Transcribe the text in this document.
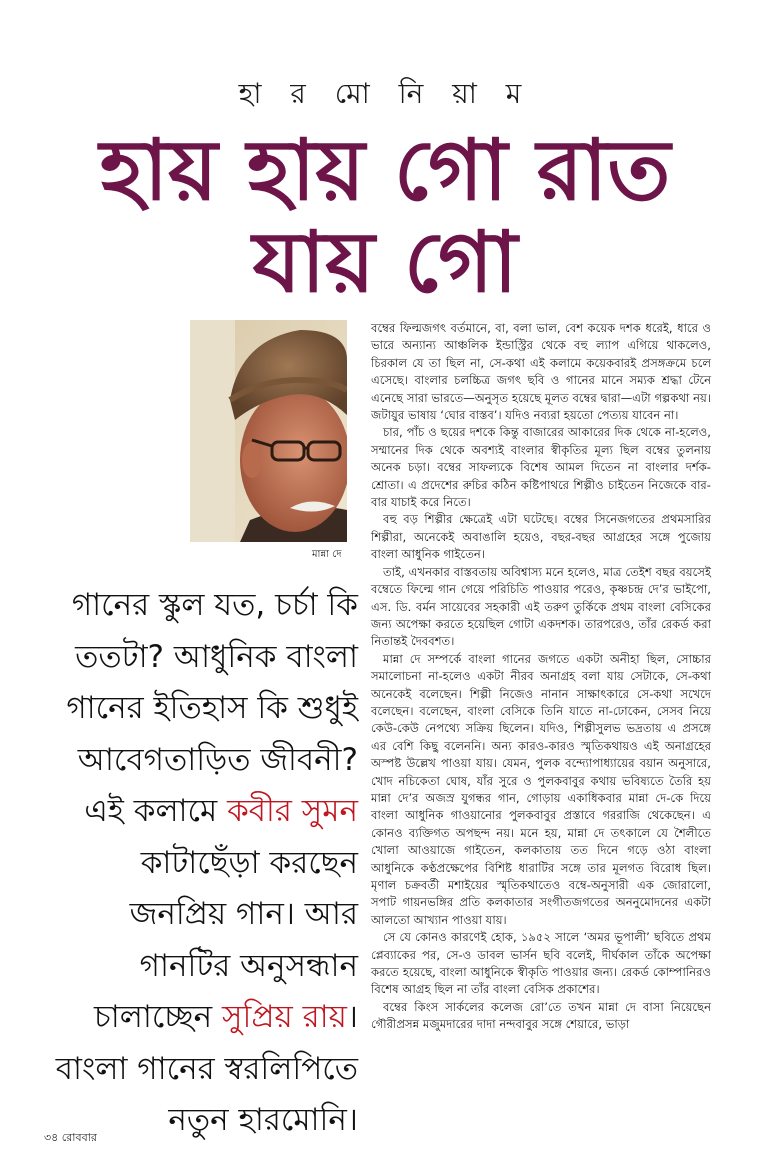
হা র মো নি য়া ম
হায় হায় গো রাত
যায় গো
মান্না দে
গানের স্কুল যত, চর্চা কি ততটা? আধুনিক বাংলা গানের ইতিহাস কি শুধুই আবেগতাড়িত জীবনী? এই কলামে কবীর সুমন কাটাছেঁড়া করছেন জনপ্রিয় গান। আর গানটির অনুসন্ধান চালাচ্ছেন সুপ্রিয় রায়। বাংলা গানের স্বরলিপিতে নতুন হারমোনি।

বম্বের ফিল্মজগৎ বর্তমানে, বা, বলা ভাল, বেশ কয়েক দশক ধরেই, ধারে ও ভারে অন্যান্য আঞ্চলিক ইন্ডাস্ট্রির থেকে বহু ল্যাপ এগিয়ে থাকলেও, চিরকাল যে তা ছিল না, সে-কথা এই কলামে কয়েকবারই প্রসঙ্গক্রমে চলে এসেছে। বাংলার চলচ্চিত্র জগৎ ছবি ও গানের মানে সম্যক শ্রদ্ধা টেনে এনেছে সারা ভারতে—অনুসৃত হয়েছে মূলত বম্বের দ্বারা—এটা গল্পকথা নয়। জটায়ুর ভাষায় ‘ঘোর বাস্তব’। যদিও নব্যরা হয়তো পেত্যয় যাবেন না।

চার, পাঁচ ও ছয়ের দশকে কিন্তু বাজারের আকারের দিক থেকে না-হলেও, সম্মানের দিক থেকে অবশ্যই বাংলার স্বীকৃতির মূল্য ছিল বম্বের তুলনায় অনেক চড়া। বম্বের সাফল্যকে বিশেষ আমল দিতেন না বাংলার দর্শক-শ্রোতা। এ প্রদেশের রুচির কঠিন কষ্টিপাথরে শিল্পীও চাইতেন নিজেকে বার-বার যাচাই করে নিতে।

বহু বড় শিল্পীর ক্ষেত্রেই এটা ঘটেছে। বম্বের সিনেজগতের প্রথমসারির শিল্পীরা, অনেকেই অবাঙালি হয়েও, বছর-বছর আগ্রহের সঙ্গে পুজোয় বাংলা আধুনিক গাইতেন।

তাই, এখনকার বাস্তবতায় অবিশ্বাস্য মনে হলেও, মাত্র তেইশ বছর বয়সেই বম্বেতে ফিল্মে গান গেয়ে পরিচিতি পাওয়ার পরেও, কৃষ্ণচন্দ্র দে’র ভাইপো, এস. ডি. বর্মন সায়েবের সহকারী এই তরুণ তুর্কিকে প্রথম বাংলা বেসিকের জন্য অপেক্ষা করতে হয়েছিল গোটা একদশক। তারপরেও, তাঁর রেকর্ড করা নিতান্তই দৈববশত।

মান্না দে সম্পর্কে বাংলা গানের জগতে একটা অনীহা ছিল, সোচ্চার সমালোচনা না-হলেও একটা নীরব অনাগ্রহ বলা যায় সেটাকে, সে-কথা অনেকেই বলেছেন। শিল্পী নিজেও নানান সাক্ষাৎকারে সে-কথা সখেদে বলেছেন। বলেছেন, বাংলা বেসিকে তিনি যাতে না-ঢোকেন, সেসব নিয়ে কেউ-কেউ নেপথ্যে সক্রিয় ছিলেন। যদিও, শিল্পীসুলভ ভদ্রতায় এ প্রসঙ্গে এর বেশি কিছু বলেননি। অন্য কারও-কারও স্মৃতিকথায়ও এই অনাগ্রহের অস্পষ্ট উল্লেখ পাওয়া যায়। যেমন, পুলক বন্দ্যোপাধ্যায়ের বয়ান অনুসারে, খোদ নচিকেতা ঘোষ, যাঁর সুরে ও পুলকবাবুর কথায় ভবিষ্যতে তৈরি হয় মান্না দে’র অজস্র যুগন্ধর গান, গোড়ায় একাধিকবার মান্না দে-কে দিয়ে বাংলা আধুনিক গাওয়ানোর পুলকবাবুর প্রস্তাবে গররাজি থেকেছেন। এ কোনও ব্যক্তিগত অপছন্দ নয়। মনে হয়, মান্না দে তৎকালে যে শৈলীতে খোলা আওয়াজে গাইতেন, কলকাতায় তত দিনে গড়ে ওঠা বাংলা আধুনিকে কণ্ঠপ্রক্ষেপের বিশিষ্ট ধারাটির সঙ্গে তার মূলগত বিরোধ ছিল। মৃণাল চক্রবর্তী মশাইয়ের স্মৃতিকথাতেও বম্বে-অনুসারী এক জোরালো, সপাট গায়নভঙ্গির প্রতি কলকাতার সংগীতজগতের অননুমোদনের একটা আলতো আখ্যান পাওয়া যায়।

সে যে কোনও কারণেই হোক, ১৯৫২ সালে ‘অমর ভূপালী’ ছবিতে প্রথম প্লেব্যাকের পর, সে-ও ডাবল ভার্সন ছবি বলেই, দীর্ঘকাল তাঁকে অপেক্ষা করতে হয়েছে, বাংলা আধুনিকে স্বীকৃতি পাওয়ার জন্য। রেকর্ড কোম্পানিরও বিশেষ আগ্রহ ছিল না তাঁর বাংলা বেসিক প্রকাশের।

বম্বের কিংস সার্কলের কলেজ রো’তে তখন মান্না দে বাসা নিয়েছেন গৌরীপ্রসন্ন মজুমদারের দাদা নন্দবাবুর সঙ্গে শেয়ারে, ভাড়া

৩৪ রোববার
